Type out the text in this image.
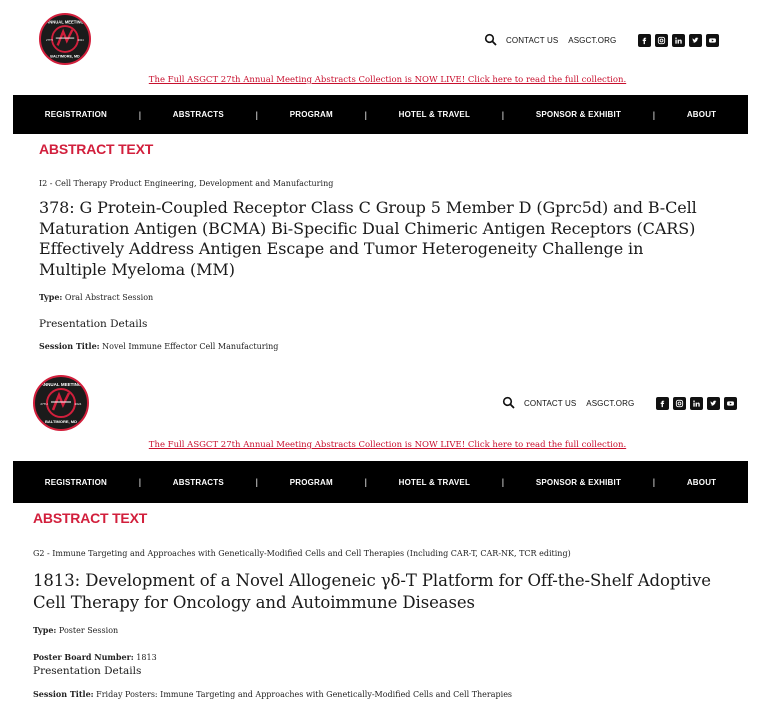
ANNUAL MEETING
27TH	2024
BALTIMORE, MD
CONTACT US ASGCT.ORG
The Full ASGCT 27th Annual Meeting Abstracts Collection is NOW LIVE! Click here to read the full collection.
REGISTRATION	|	ABSTRACTS	|	PROGRAM	|	HOTEL & TRAVEL	|	SPONSOR & EXHIBIT	|	ABOUT
ABSTRACT TEXT
I2 - Cell Therapy Product Engineering, Development and Manufacturing
378: G Protein-Coupled Receptor Class C Group 5 Member D (Gprc5d) and B-Cell Maturation Antigen (BCMA) Bi-Specific Dual Chimeric Antigen Receptors (CARS) Effectively Address Antigen Escape and Tumor Heterogeneity Challenge in Multiple Myeloma (MM)
Type: Oral Abstract Session
Presentation Details
Session Title: Novel Immune Effector Cell Manufacturing
ANNUAL MEETING
27TH	2024
BALTIMORE, MD
CONTACT US ASGCT.ORG
The Full ASGCT 27th Annual Meeting Abstracts Collection is NOW LIVE! Click here to read the full collection.
REGISTRATION	|	ABSTRACTS	|	PROGRAM	|	HOTEL & TRAVEL	|	SPONSOR & EXHIBIT	|	ABOUT
ABSTRACT TEXT
G2 - Immune Targeting and Approaches with Genetically-Modified Cells and Cell Therapies (Including CAR-T, CAR-NK, TCR editing)
1813: Development of a Novel Allogeneic γδ-T Platform for Off-the-Shelf Adoptive Cell Therapy for Oncology and Autoimmune Diseases
Type: Poster Session
Poster Board Number: 1813
Presentation Details
Session Title: Friday Posters: Immune Targeting and Approaches with Genetically-Modified Cells and Cell Therapies
